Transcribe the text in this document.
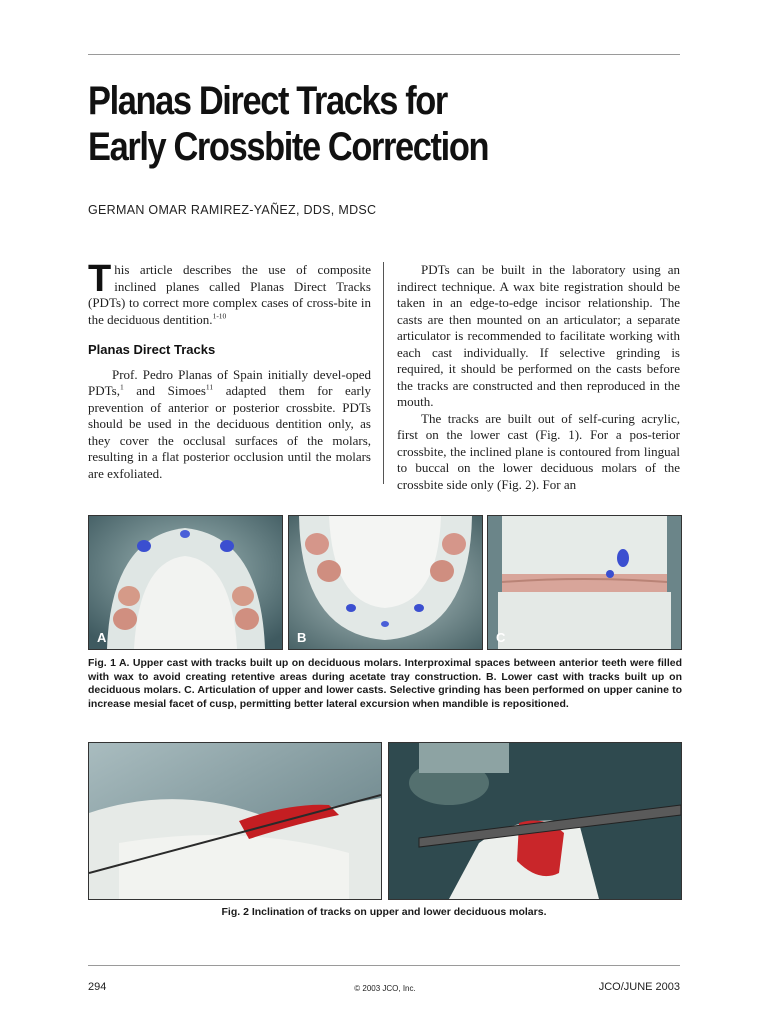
Planas Direct Tracks for
Early Crossbite Correction
GERMAN OMAR RAMIREZ-YAÑEZ, DDS, MDSC

This article describes the use of composite inclined planes called Planas Direct Tracks (PDTs) to correct more complex cases of cross-bite in the deciduous dentition.$^{1-10}$

Planas Direct Tracks

Prof. Pedro Planas of Spain initially devel-oped PDTs,$^1$ and Simoes$^{11}$ adapted them for early prevention of anterior or posterior crossbite. PDTs should be used in the deciduous dentition only, as they cover the occlusal surfaces of the molars, resulting in a flat posterior occlusion until the molars are exfoliated.

PDTs can be built in the laboratory using an indirect technique. A wax bite registration should be taken in an edge-to-edge incisor relationship. The casts are then mounted on an articulator; a separate articulator is recommended to facilitate working with each cast individually. If selective grinding is required, it should be performed on the casts before the tracks are constructed and then reproduced in the mouth.

The tracks are built out of self-curing acrylic, first on the lower cast (Fig. 1). For a pos-terior crossbite, the inclined plane is contoured from lingual to buccal on the lower deciduous molars of the crossbite side only (Fig. 2). For an

A	B	C
Fig. 1 A. Upper cast with tracks built up on deciduous molars. Interproximal spaces between anterior teeth were filled with wax to avoid creating retentive areas during acetate tray construction. B. Lower cast with tracks built up on deciduous molars. C. Articulation of upper and lower casts. Selective grinding has been performed on upper canine to increase mesial facet of cusp, permitting better lateral excursion when mandible is repositioned.
Fig. 2 Inclination of tracks on upper and lower deciduous molars.
294	© 2003 JCO, Inc.	JCO/JUNE 2003
